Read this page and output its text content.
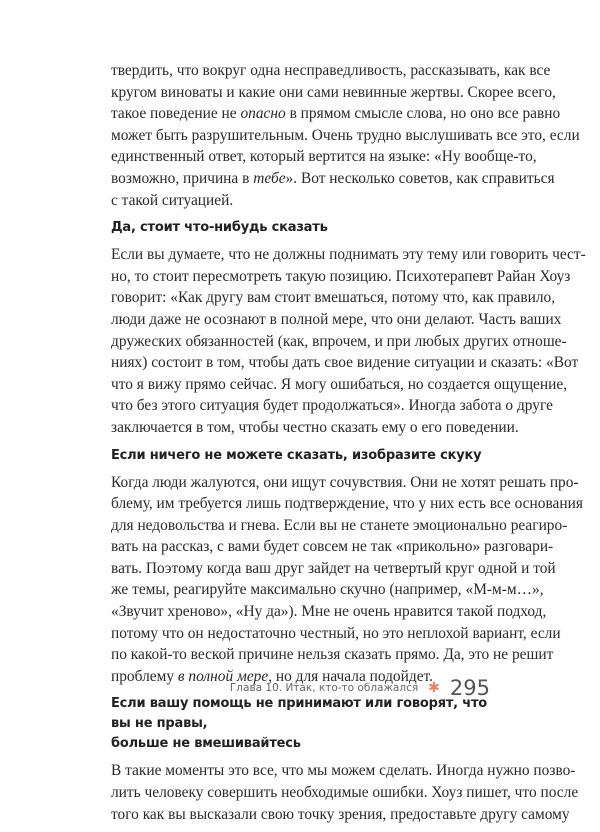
твердить, что вокруг одна несправедливость, рассказывать, как все
кругом виноваты и какие они сами невинные жертвы. Скорее всего,
такое поведение не опасно в прямом смысле слова, но оно все равно
может быть разрушительным. Очень трудно выслушивать все это, если
единственный ответ, который вертится на языке: «Ну вообще-то,
возможно, причина в тебе». Вот несколько советов, как справиться
с такой ситуацией.
Да, стоит что-нибудь сказать
Если вы думаете, что не должны поднимать эту тему или говорить чест-
но, то стоит пересмотреть такую позицию. Психотерапевт Райан Хоуз
говорит: «Как другу вам стоит вмешаться, потому что, как правило,
люди даже не осознают в полной мере, что они делают. Часть ваших
дружеских обязанностей (как, впрочем, и при любых других отноше-
ниях) состоит в том, чтобы дать свое видение ситуации и сказать: «Вот
что я вижу прямо сейчас. Я могу ошибаться, но создается ощущение,
что без этого ситуация будет продолжаться». Иногда забота о друге
заключается в том, чтобы честно сказать ему о его поведении.
Если ничего не можете сказать, изобразите скуку
Когда люди жалуются, они ищут сочувствия. Они не хотят решать про-
блему, им требуется лишь подтверждение, что у них есть все основания
для недовольства и гнева. Если вы не станете эмоционально реагиро-
вать на рассказ, с вами будет совсем не так «прикольно» разговари-
вать. Поэтому когда ваш друг зайдет на четвертый круг одной и той
же темы, реагируйте максимально скучно (например, «М-м-м…»,
«Звучит хреново», «Ну да»). Мне не очень нравится такой подход,
потому что он недостаточно честный, но это неплохой вариант, если
по какой-то веской причине нельзя сказать прямо. Да, это не решит
проблему в полной мере, но для начала подойдет.
Если вашу помощь не принимают или говорят, что вы не правы,
больше не вмешивайтесь
В такие моменты это все, что мы можем сделать. Иногда нужно позво-
лить человеку совершить необходимые ошибки. Хоуз пишет, что после
того как вы высказали свою точку зрения, предоставьте другу самому
Глава 10. Итак, кто-то облажался ✱ 295
